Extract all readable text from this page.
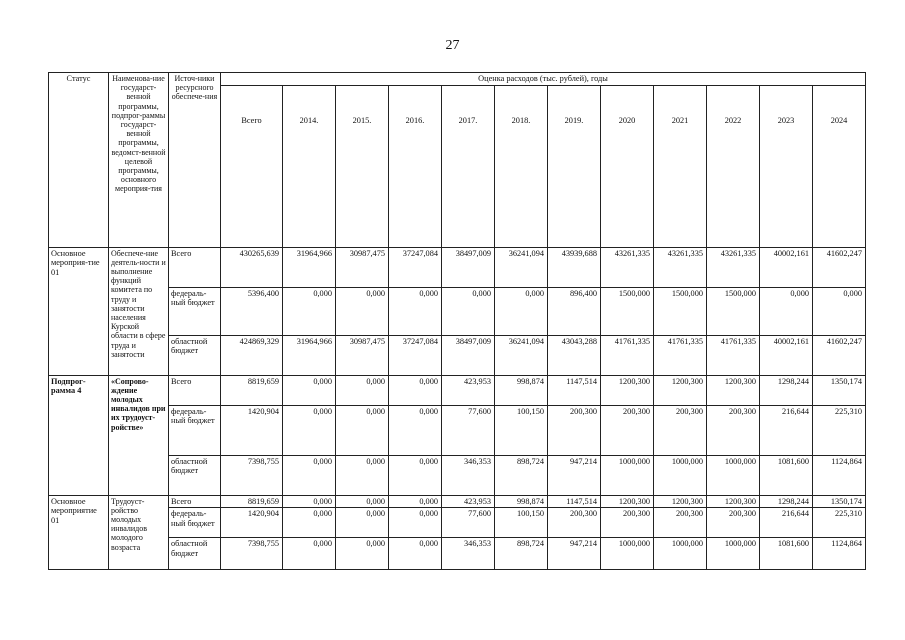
27
Статус	Наименова-ние государст-венной программы, подпрог-раммы государст-венной программы, ведомст-венной целевой программы, основного мероприя-тия	Источ-ники ресурсного обеспече-ния	Оценка расходов (тыс. рублей), годы											
			Всего	2014.	2015.	2016.	2017.	2018.	2019.	2020	2021	2022	2023	2024
Основное мероприя-тие 01	Обеспече-ние деятель-ности и выполнение функций комитета по труду и занятости населения Курской области в сфере труда и занятости	Всего	430265,639	31964,966	30987,475	37247,084	38497,009	36241,094	43939,688	43261,335	43261,335	43261,335	40002,161	41602,247
		федераль-ный бюджет	5396,400	0,000	0,000	0,000	0,000	0,000	896,400	1500,000	1500,000	1500,000	0,000	0,000
		областной бюджет	424869,329	31964,966	30987,475	37247,084	38497,009	36241,094	43043,288	41761,335	41761,335	41761,335	40002,161	41602,247
Подпрог-рамма 4	«Сопрово-ждение молодых инвалидов при их трудоуст-ройстве»	Всего	8819,659	0,000	0,000	0,000	423,953	998,874	1147,514	1200,300	1200,300	1200,300	1298,244	1350,174
		федераль-ный бюджет	1420,904	0,000	0,000	0,000	77,600	100,150	200,300	200,300	200,300	200,300	216,644	225,310
		областной бюджет	7398,755	0,000	0,000	0,000	346,353	898,724	947,214	1000,000	1000,000	1000,000	1081,600	1124,864
Основное мероприятие 01	Трудоуст-ройство молодых инвалидов молодого возраста	Всего	8819,659	0,000	0,000	0,000	423,953	998,874	1147,514	1200,300	1200,300	1200,300	1298,244	1350,174
		федераль-ный бюджет	1420,904	0,000	0,000	0,000	77,600	100,150	200,300	200,300	200,300	200,300	216,644	225,310
		областной бюджет	7398,755	0,000	0,000	0,000	346,353	898,724	947,214	1000,000	1000,000	1000,000	1081,600	1124,864
